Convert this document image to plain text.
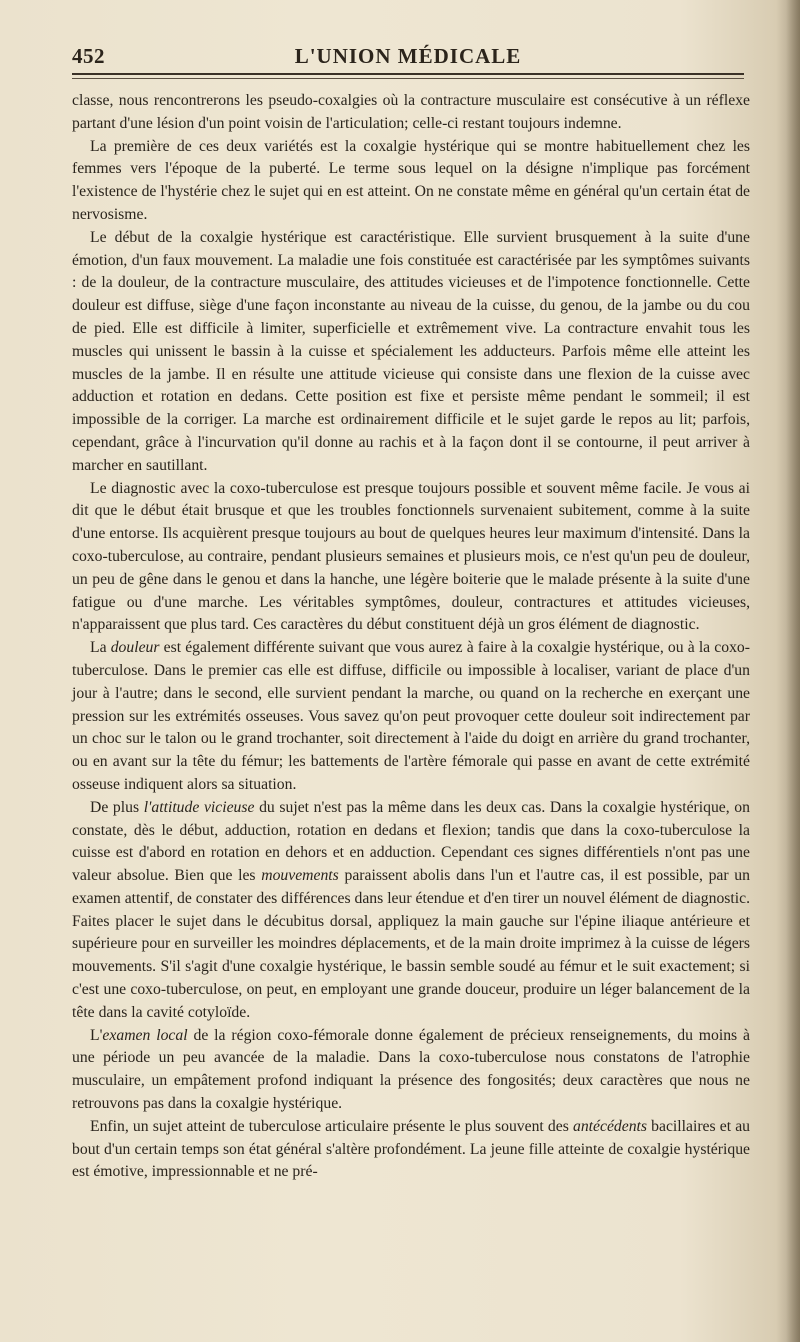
452	L'UNION MÉDICALE

classe, nous rencontrerons les pseudo-coxalgies où la contracture musculaire est consécutive à un réflexe partant d'une lésion d'un point voisin de l'articulation; celle-ci restant toujours indemne.

La première de ces deux variétés est la coxalgie hystérique qui se montre habituellement chez les femmes vers l'époque de la puberté. Le terme sous lequel on la désigne n'implique pas forcément l'existence de l'hystérie chez le sujet qui en est atteint. On ne constate même en général qu'un certain état de nervosisme.

Le début de la coxalgie hystérique est caractéristique. Elle survient brusquement à la suite d'une émotion, d'un faux mouvement. La maladie une fois constituée est caractérisée par les symptômes suivants : de la douleur, de la contracture musculaire, des attitudes vicieuses et de l'impotence fonctionnelle. Cette douleur est diffuse, siège d'une façon inconstante au niveau de la cuisse, du genou, de la jambe ou du cou de pied. Elle est difficile à limiter, superficielle et extrêmement vive. La contracture envahit tous les muscles qui unissent le bassin à la cuisse et spécialement les adducteurs. Parfois même elle atteint les muscles de la jambe. Il en résulte une attitude vicieuse qui consiste dans une flexion de la cuisse avec adduction et rotation en dedans. Cette position est fixe et persiste même pendant le sommeil; il est impossible de la corriger. La marche est ordinairement difficile et le sujet garde le repos au lit; parfois, cependant, grâce à l'incurvation qu'il donne au rachis et à la façon dont il se contourne, il peut arriver à marcher en sautillant.

Le diagnostic avec la coxo-tuberculose est presque toujours possible et souvent même facile. Je vous ai dit que le début était brusque et que les troubles fonctionnels survenaient subitement, comme à la suite d'une entorse. Ils acquièrent presque toujours au bout de quelques heures leur maximum d'intensité. Dans la coxo-tuberculose, au contraire, pendant plusieurs semaines et plusieurs mois, ce n'est qu'un peu de douleur, un peu de gêne dans le genou et dans la hanche, une légère boiterie que le malade présente à la suite d'une fatigue ou d'une marche. Les véritables symptômes, douleur, contractures et attitudes vicieuses, n'apparaissent que plus tard. Ces caractères du début constituent déjà un gros élément de diagnostic.

La douleur est également différente suivant que vous aurez à faire à la coxalgie hystérique, ou à la coxo-tuberculose. Dans le premier cas elle est diffuse, difficile ou impossible à localiser, variant de place d'un jour à l'autre; dans le second, elle survient pendant la marche, ou quand on la recherche en exerçant une pression sur les extrémités osseuses. Vous savez qu'on peut provoquer cette douleur soit indirectement par un choc sur le talon ou le grand trochanter, soit directement à l'aide du doigt en arrière du grand trochanter, ou en avant sur la tête du fémur; les battements de l'artère fémorale qui passe en avant de cette extrémité osseuse indiquent alors sa situation.

De plus l'attitude vicieuse du sujet n'est pas la même dans les deux cas. Dans la coxalgie hystérique, on constate, dès le début, adduction, rotation en dedans et flexion; tandis que dans la coxo-tuberculose la cuisse est d'abord en rotation en dehors et en adduction. Cependant ces signes différentiels n'ont pas une valeur absolue. Bien que les mouvements paraissent abolis dans l'un et l'autre cas, il est possible, par un examen attentif, de constater des différences dans leur étendue et d'en tirer un nouvel élément de diagnostic. Faites placer le sujet dans le décubitus dorsal, appliquez la main gauche sur l'épine iliaque antérieure et supérieure pour en surveiller les moindres déplacements, et de la main droite imprimez à la cuisse de légers mouvements. S'il s'agit d'une coxalgie hystérique, le bassin semble soudé au fémur et le suit exactement; si c'est une coxo-tuberculose, on peut, en employant une grande douceur, produire un léger balancement de la tête dans la cavité cotyloïde.

L'examen local de la région coxo-fémorale donne également de précieux renseignements, du moins à une période un peu avancée de la maladie. Dans la coxo-tuberculose nous constatons de l'atrophie musculaire, un empâtement profond indiquant la présence des fongosités; deux caractères que nous ne retrouvons pas dans la coxalgie hystérique.

Enfin, un sujet atteint de tuberculose articulaire présente le plus souvent des antécédents bacillaires et au bout d'un certain temps son état général s'altère profondément. La jeune fille atteinte de coxalgie hystérique est émotive, impressionnable et ne pré-
